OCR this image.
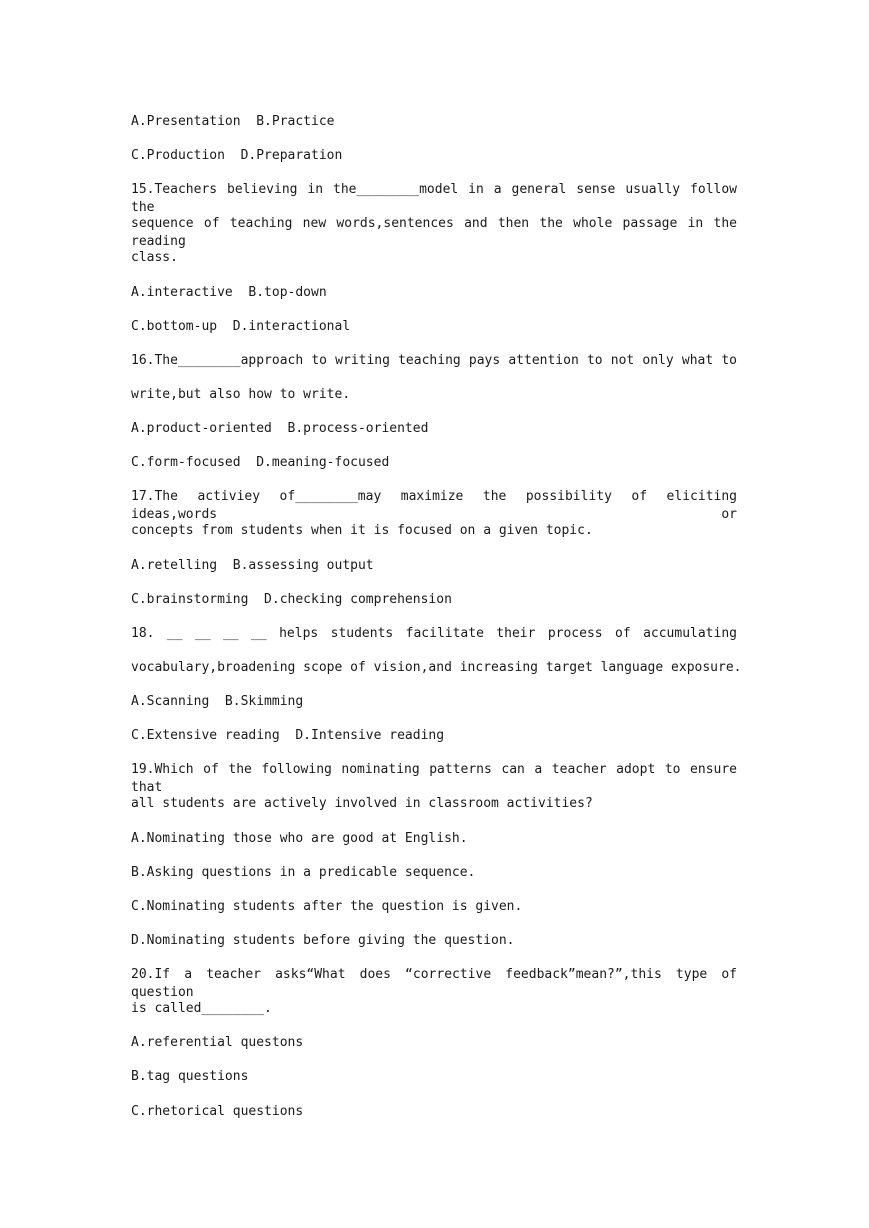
A.Presentation  B.Practice
C.Production  D.Preparation
15.Teachers believing in the________model in a general sense usually follow the
sequence of teaching new words,sentences and then the whole passage in the reading
class.
A.interactive  B.top-down
C.bottom-up  D.interactional
16.The________approach to writing teaching pays attention to not only what to
write,but also how to write.
A.product-oriented  B.process-oriented
C.form-focused  D.meaning-focused
17.The activiey of________may maximize the possibility of eliciting ideas,words or
concepts from students when it is focused on a given topic.
A.retelling  B.assessing output
C.brainstorming  D.checking comprehension
18. __ __ __ __ helps students facilitate their process of accumulating
vocabulary,broadening scope of vision,and increasing target language exposure.
A.Scanning  B.Skimming
C.Extensive reading  D.Intensive reading
19.Which of the following nominating patterns can a teacher adopt to ensure that
all students are actively involved in classroom activities?
A.Nominating those who are good at English.
B.Asking questions in a predicable sequence.
C.Nominating students after the question is given.
D.Nominating students before giving the question.
20.If a teacher asks“What does “corrective feedback”mean?”,this type of question
is called________.
A.referential questons
B.tag questions
C.rhetorical questions
